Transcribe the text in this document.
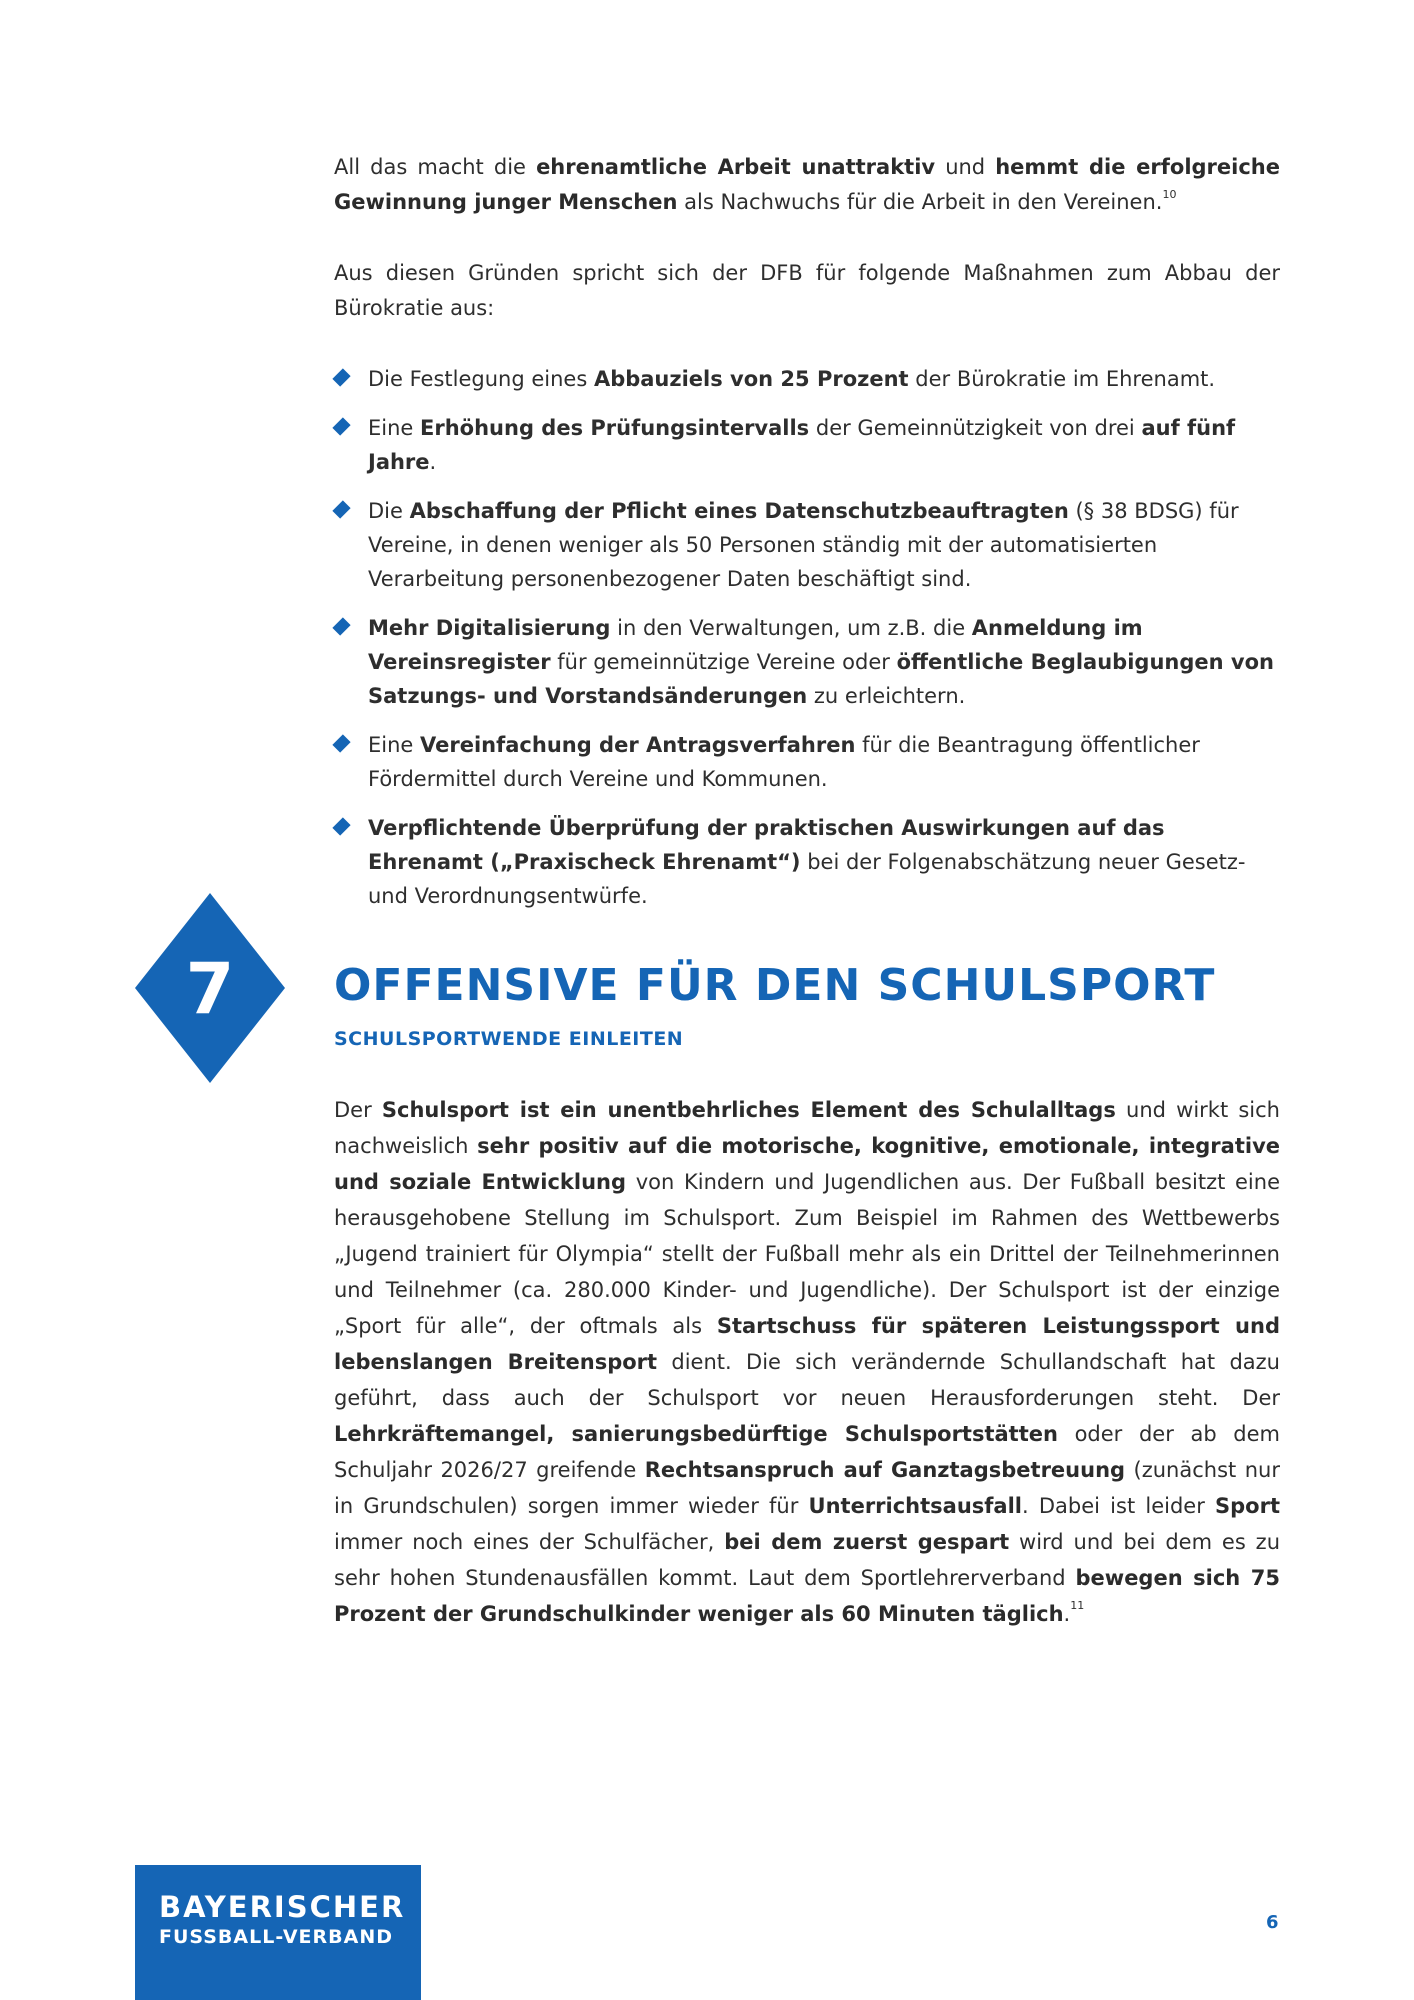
All das macht die ehrenamtliche Arbeit unattraktiv und hemmt die erfolgreiche Gewinnung junger Menschen als Nachwuchs für die Arbeit in den Vereinen.$^{10}$

Aus diesen Gründen spricht sich der DFB für folgende Maßnahmen zum Abbau der Bürokratie aus:

Die Festlegung eines Abbauziels von 25 Prozent der Bürokratie im Ehrenamt.
Eine Erhöhung des Prüfungsintervalls der Gemeinnützigkeit von drei auf fünf Jahre.
Die Abschaffung der Pflicht eines Datenschutzbeauftragten (§ 38 BDSG) für Vereine, in denen weniger als 50 Personen ständig mit der automatisierten Verarbeitung personenbezogener Daten beschäftigt sind.
Mehr Digitalisierung in den Verwaltungen, um z.B. die Anmeldung im Vereinsregister für gemeinnützige Vereine oder öffentliche Beglaubigungen von Satzungs- und Vorstandsänderungen zu erleichtern.
Eine Vereinfachung der Antragsverfahren für die Beantragung öffentlicher Fördermittel durch Vereine und Kommunen.
Verpflichtende Überprüfung der praktischen Auswirkungen auf das Ehrenamt („Praxischeck Ehrenamt“) bei der Folgenabschätzung neuer Gesetz- und Verordnungsentwürfe.
7 OFFENSIVE FÜR DEN SCHULSPORT
SCHULSPORTWENDE EINLEITEN

Der Schulsport ist ein unentbehrliches Element des Schulalltags und wirkt sich nachweislich sehr positiv auf die motorische, kognitive, emotionale, integrative und soziale Entwicklung von Kindern und Jugendlichen aus. Der Fußball besitzt eine herausgehobene Stellung im Schulsport. Zum Beispiel im Rahmen des Wettbewerbs „Jugend trainiert für Olympia“ stellt der Fußball mehr als ein Drittel der Teilnehmerinnen und Teilnehmer (ca. 280.000 Kinder- und Jugendliche). Der Schulsport ist der einzige „Sport für alle“, der oftmals als Startschuss für späteren Leistungssport und lebenslangen Breitensport dient. Die sich verändernde Schullandschaft hat dazu geführt, dass auch der Schulsport vor neuen Herausforderungen steht. Der Lehrkräftemangel, sanierungsbedürftige Schulsportstätten oder der ab dem Schuljahr 2026/27 greifende Rechtsanspruch auf Ganztagsbetreuung (zunächst nur in Grundschulen) sorgen immer wieder für Unterrichtsausfall. Dabei ist leider Sport immer noch eines der Schulfächer, bei dem zuerst gespart wird und bei dem es zu sehr hohen Stundenausfällen kommt. Laut dem Sportlehrerverband bewegen sich 75 Prozent der Grundschulkinder weniger als 60 Minuten täglich.$^{11}$

BAYERISCHER
FUSSBALL-VERBAND
6
